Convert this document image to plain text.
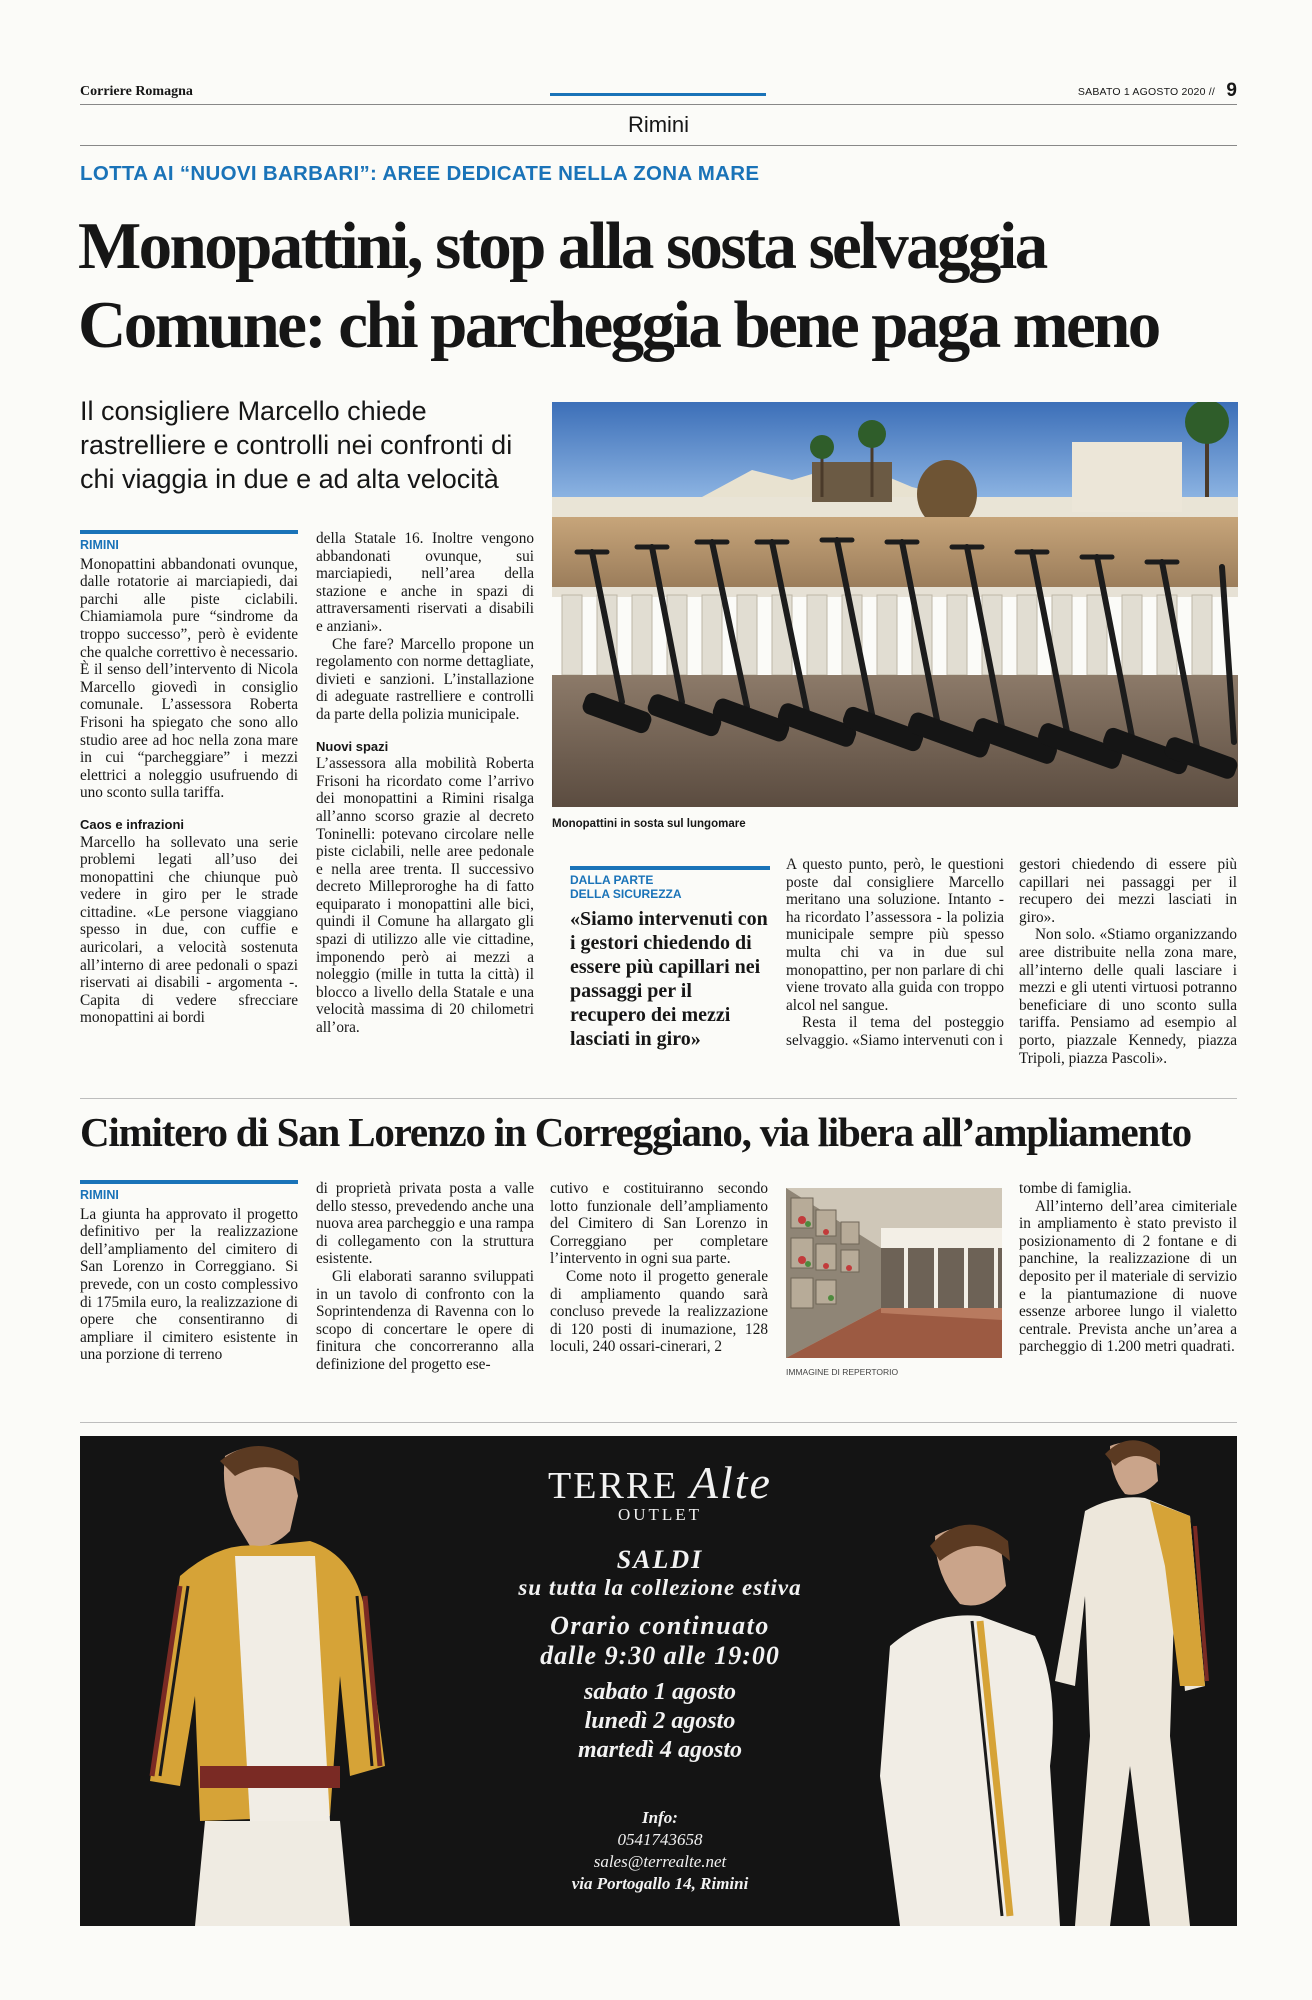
Corriere Romagna	SABATO 1 AGOSTO 2020 // 9
Rimini
LOTTA AI “NUOVI BARBARI”: AREE DEDICATE NELLA ZONA MARE
Monopattini, stop alla sosta selvaggia
Comune: chi parcheggia bene paga meno
Il consigliere Marcello chiede rastrelliere e controlli nei confronti di chi viaggia in due e ad alta velocità
Monopattini in sosta sul lungomare
RIMINI

Monopattini abbandonati ovunque, dalle rotatorie ai marciapiedi, dai parchi alle piste ciclabili. Chiamiamola pure “sindrome da troppo successo”, però è evidente che qualche correttivo è necessario. È il senso dell’intervento di Nicola Marcello giovedì in consiglio comunale. L’assessora Roberta Frisoni ha spiegato che sono allo studio aree ad hoc nella zona mare in cui “parcheggiare” i mezzi elettrici a noleggio usufruendo di uno sconto sulla tariffa.

Caos e infrazioni

Marcello ha sollevato una serie problemi legati all’uso dei monopattini che chiunque può vedere in giro per le strade cittadine. «Le persone viaggiano spesso in due, con cuffie e auricolari, a velocità sostenuta all’interno di aree pedonali o spazi riservati ai disabili - argomenta -. Capita di vedere sfrecciare monopattini ai bordi

della Statale 16. Inoltre vengono abbandonati ovunque, sui marciapiedi, nell’area della stazione e anche in spazi di attraversamenti riservati a disabili e anziani».

Che fare? Marcello propone un regolamento con norme dettagliate, divieti e sanzioni. L’installazione di adeguate rastrelliere e controlli da parte della polizia municipale.

Nuovi spazi

L’assessora alla mobilità Roberta Frisoni ha ricordato come l’arrivo dei monopattini a Rimini risalga all’anno scorso grazie al decreto Toninelli: potevano circolare nelle piste ciclabili, nelle aree pedonale e nella aree trenta. Il successivo decreto Milleproroghe ha di fatto equiparato i monopattini alle bici, quindi il Comune ha allargato gli spazi di utilizzo alle vie cittadine, imponendo però ai mezzi a noleggio (mille in tutta la città) il blocco a livello della Statale e una velocità massima di 20 chilometri all’ora.

DALLA PARTE
DELLA SICUREZZA
«Siamo intervenuti con i gestori chiedendo di essere più capillari nei passaggi per il recupero dei mezzi lasciati in giro»

A questo punto, però, le questioni poste dal consigliere Marcello meritano una soluzione. Intanto - ha ricordato l’assessora - la polizia municipale sempre più spesso multa chi va in due sul monopattino, per non parlare di chi viene trovato alla guida con troppo alcol nel sangue.

Resta il tema del posteggio selvaggio. «Siamo intervenuti con i

gestori chiedendo di essere più capillari nei passaggi per il recupero dei mezzi lasciati in giro».

Non solo. «Stiamo organizzando aree distribuite nella zona mare, all’interno delle quali lasciare i mezzi e gli utenti virtuosi potranno beneficiare di uno sconto sulla tariffa. Pensiamo ad esempio al porto, piazzale Kennedy, piazza Tripoli, piazza Pascoli».

Cimitero di San Lorenzo in Correggiano, via libera all’ampliamento
RIMINI

La giunta ha approvato il progetto definitivo per la realizzazione dell’ampliamento del cimitero di San Lorenzo in Correggiano. Si prevede, con un costo complessivo di 175mila euro, la realizzazione di opere che consentiranno di ampliare il cimitero esistente in una porzione di terreno

di proprietà privata posta a valle dello stesso, prevedendo anche una nuova area parcheggio e una rampa di collegamento con la struttura esistente.

Gli elaborati saranno sviluppati in un tavolo di confronto con la Soprintendenza di Ravenna con lo scopo di concertare le opere di finitura che concorreranno alla definizione del progetto ese-

cutivo e costituiranno secondo lotto funzionale dell’ampliamento del Cimitero di San Lorenzo in Correggiano per completare l’intervento in ogni sua parte.

Come noto il progetto generale di ampliamento quando sarà concluso prevede la realizzazione di 120 posti di inumazione, 128 loculi, 240 ossari-cinerari, 2

IMMAGINE DI REPERTORIO

tombe di famiglia.

All’interno dell’area cimiteriale in ampliamento è stato previsto il posizionamento di 2 fontane e di panchine, la realizzazione di un deposito per il materiale di servizio e la piantumazione di nuove essenze arboree lungo il vialetto centrale. Prevista anche un’area a parcheggio di 1.200 metri quadrati.

TERRE Alte
OUTLET
SALDI
su tutta la collezione estiva
Orario continuato
dalle 9:30 alle 19:00
sabato 1 agosto
lunedì 2 agosto
martedì 4 agosto
Info:
0541743658
sales@terrealte.net
via Portogallo 14, Rimini
